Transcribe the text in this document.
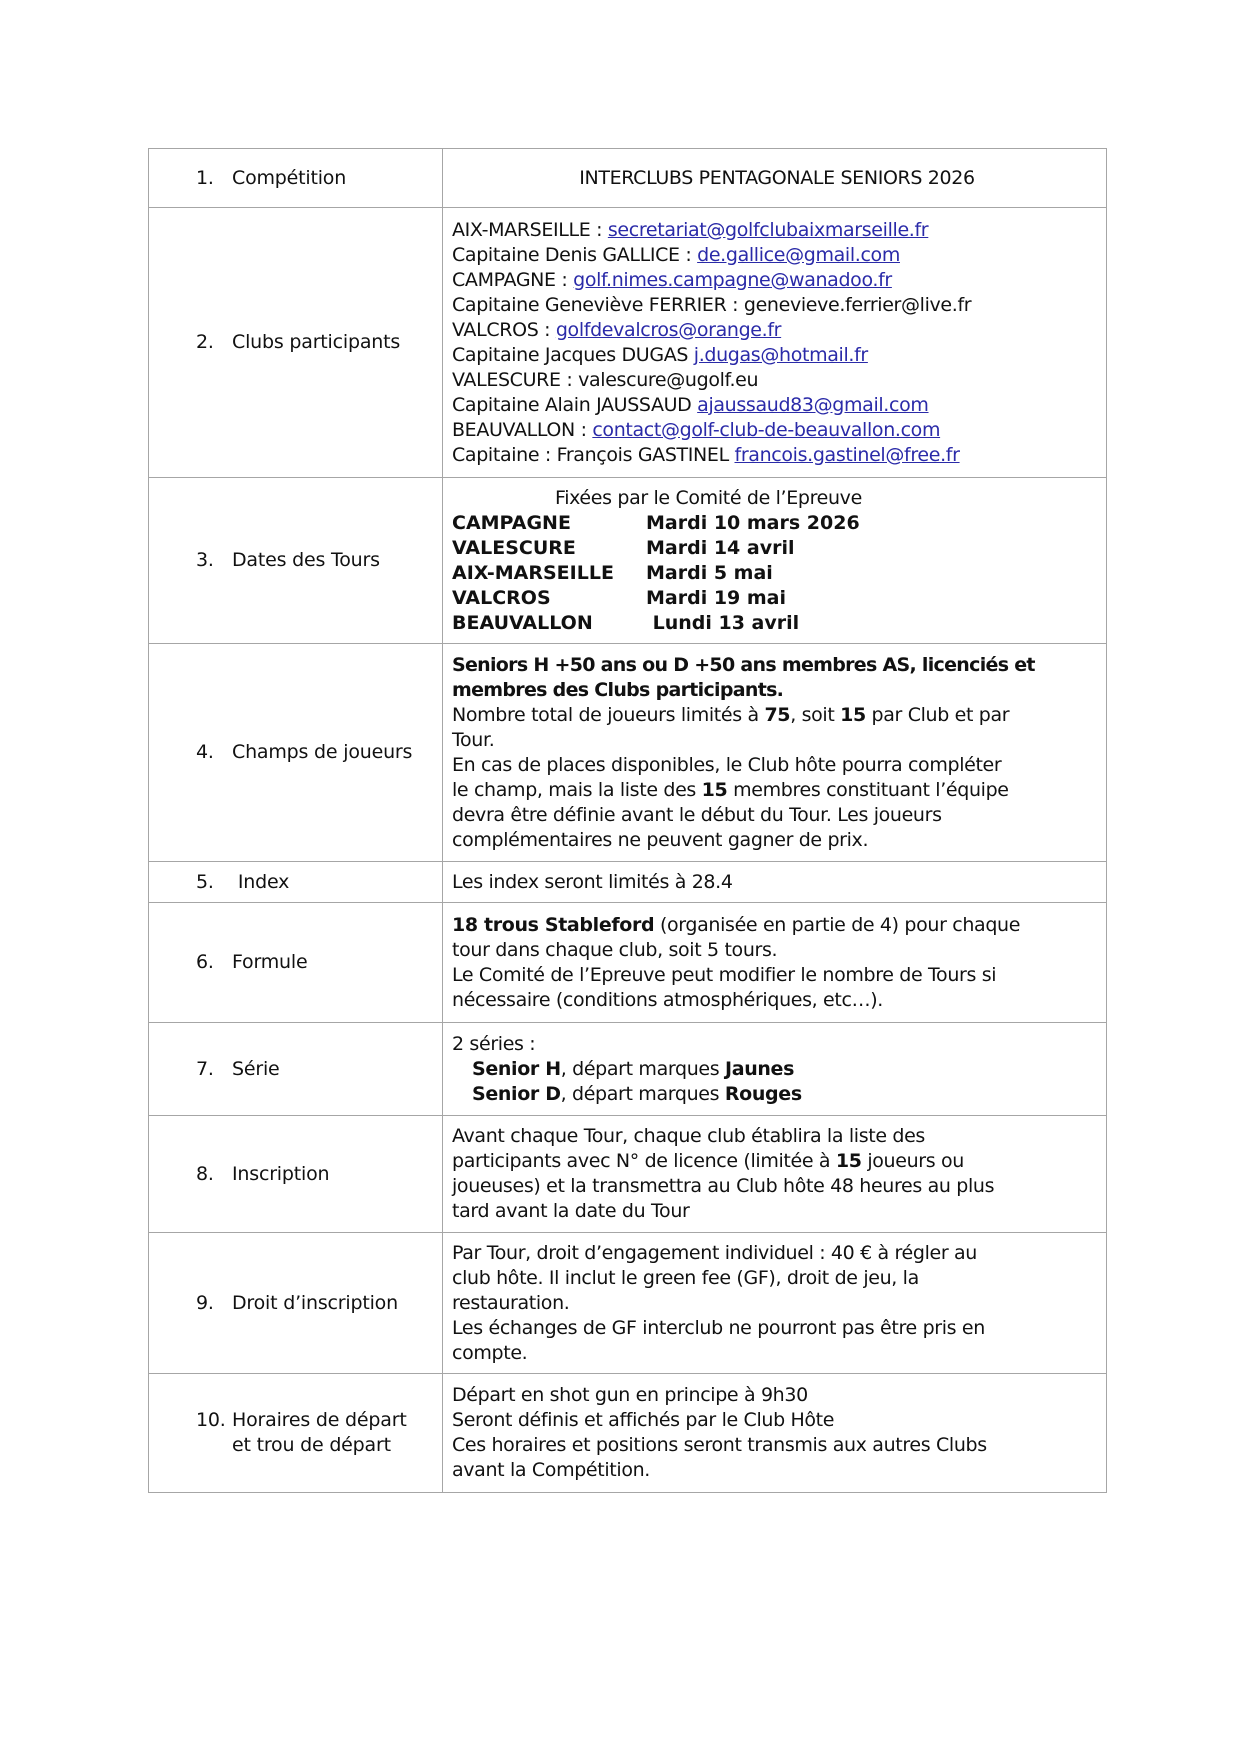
1. Compétition	INTERCLUBS PENTAGONALE SENIORS 2026

2. Clubs participants

AIX-MARSEILLE : secretariat@golfclubaixmarseille.fr
Capitaine Denis GALLICE : de.gallice@gmail.com
CAMPAGNE : golf.nimes.campagne@wanadoo.fr
Capitaine Geneviève FERRIER : genevieve.ferrier@live.fr
VALCROS : golfdevalcros@orange.fr
Capitaine Jacques DUGAS j.dugas@hotmail.fr
VALESCURE : valescure@ugolf.eu
Capitaine Alain JAUSSAUD ajaussaud83@gmail.com
BEAUVALLON : contact@golf-club-de-beauvallon.com
Capitaine : François GASTINEL francois.gastinel@free.fr

3. Dates des Tours

Fixées par le Comité de l’Epreuve
CAMPAGNE	Mardi 10 mars 2026
VALESCURE	Mardi 14 avril
AIX-MARSEILLE	Mardi 5 mai
VALCROS	Mardi 19 mai
BEAUVALLON	Lundi 13 avril

4. Champs de joueurs

Seniors H +50 ans ou D +50 ans membres AS, licenciés et
membres des Clubs participants.
Nombre total de joueurs limités à 75, soit 15 par Club et par
Tour.
En cas de places disponibles, le Club hôte pourra compléter
le champ, mais la liste des 15 membres constituant l’équipe
devra être définie avant le début du Tour. Les joueurs
complémentaires ne peuvent gagner de prix.

5. Index	Les index seront limités à 28.4

6. Formule

18 trous Stableford (organisée en partie de 4) pour chaque
tour dans chaque club, soit 5 tours.
Le Comité de l’Epreuve peut modifier le nombre de Tours si
nécessaire (conditions atmosphériques, etc…).

7. Série

2 séries :
Senior H, départ marques Jaunes
Senior D, départ marques Rouges

8. Inscription

Avant chaque Tour, chaque club établira la liste des
participants avec N° de licence (limitée à 15 joueurs ou
joueuses) et la transmettra au Club hôte 48 heures au plus
tard avant la date du Tour

9. Droit d’inscription

Par Tour, droit d’engagement individuel : 40 € à régler au
club hôte. Il inclut le green fee (GF), droit de jeu, la
restauration.
Les échanges de GF interclub ne pourront pas être pris en
compte.

10. Horaires de départ
et trou de départ

Départ en shot gun en principe à 9h30
Seront définis et affichés par le Club Hôte
Ces horaires et positions seront transmis aux autres Clubs
avant la Compétition.
